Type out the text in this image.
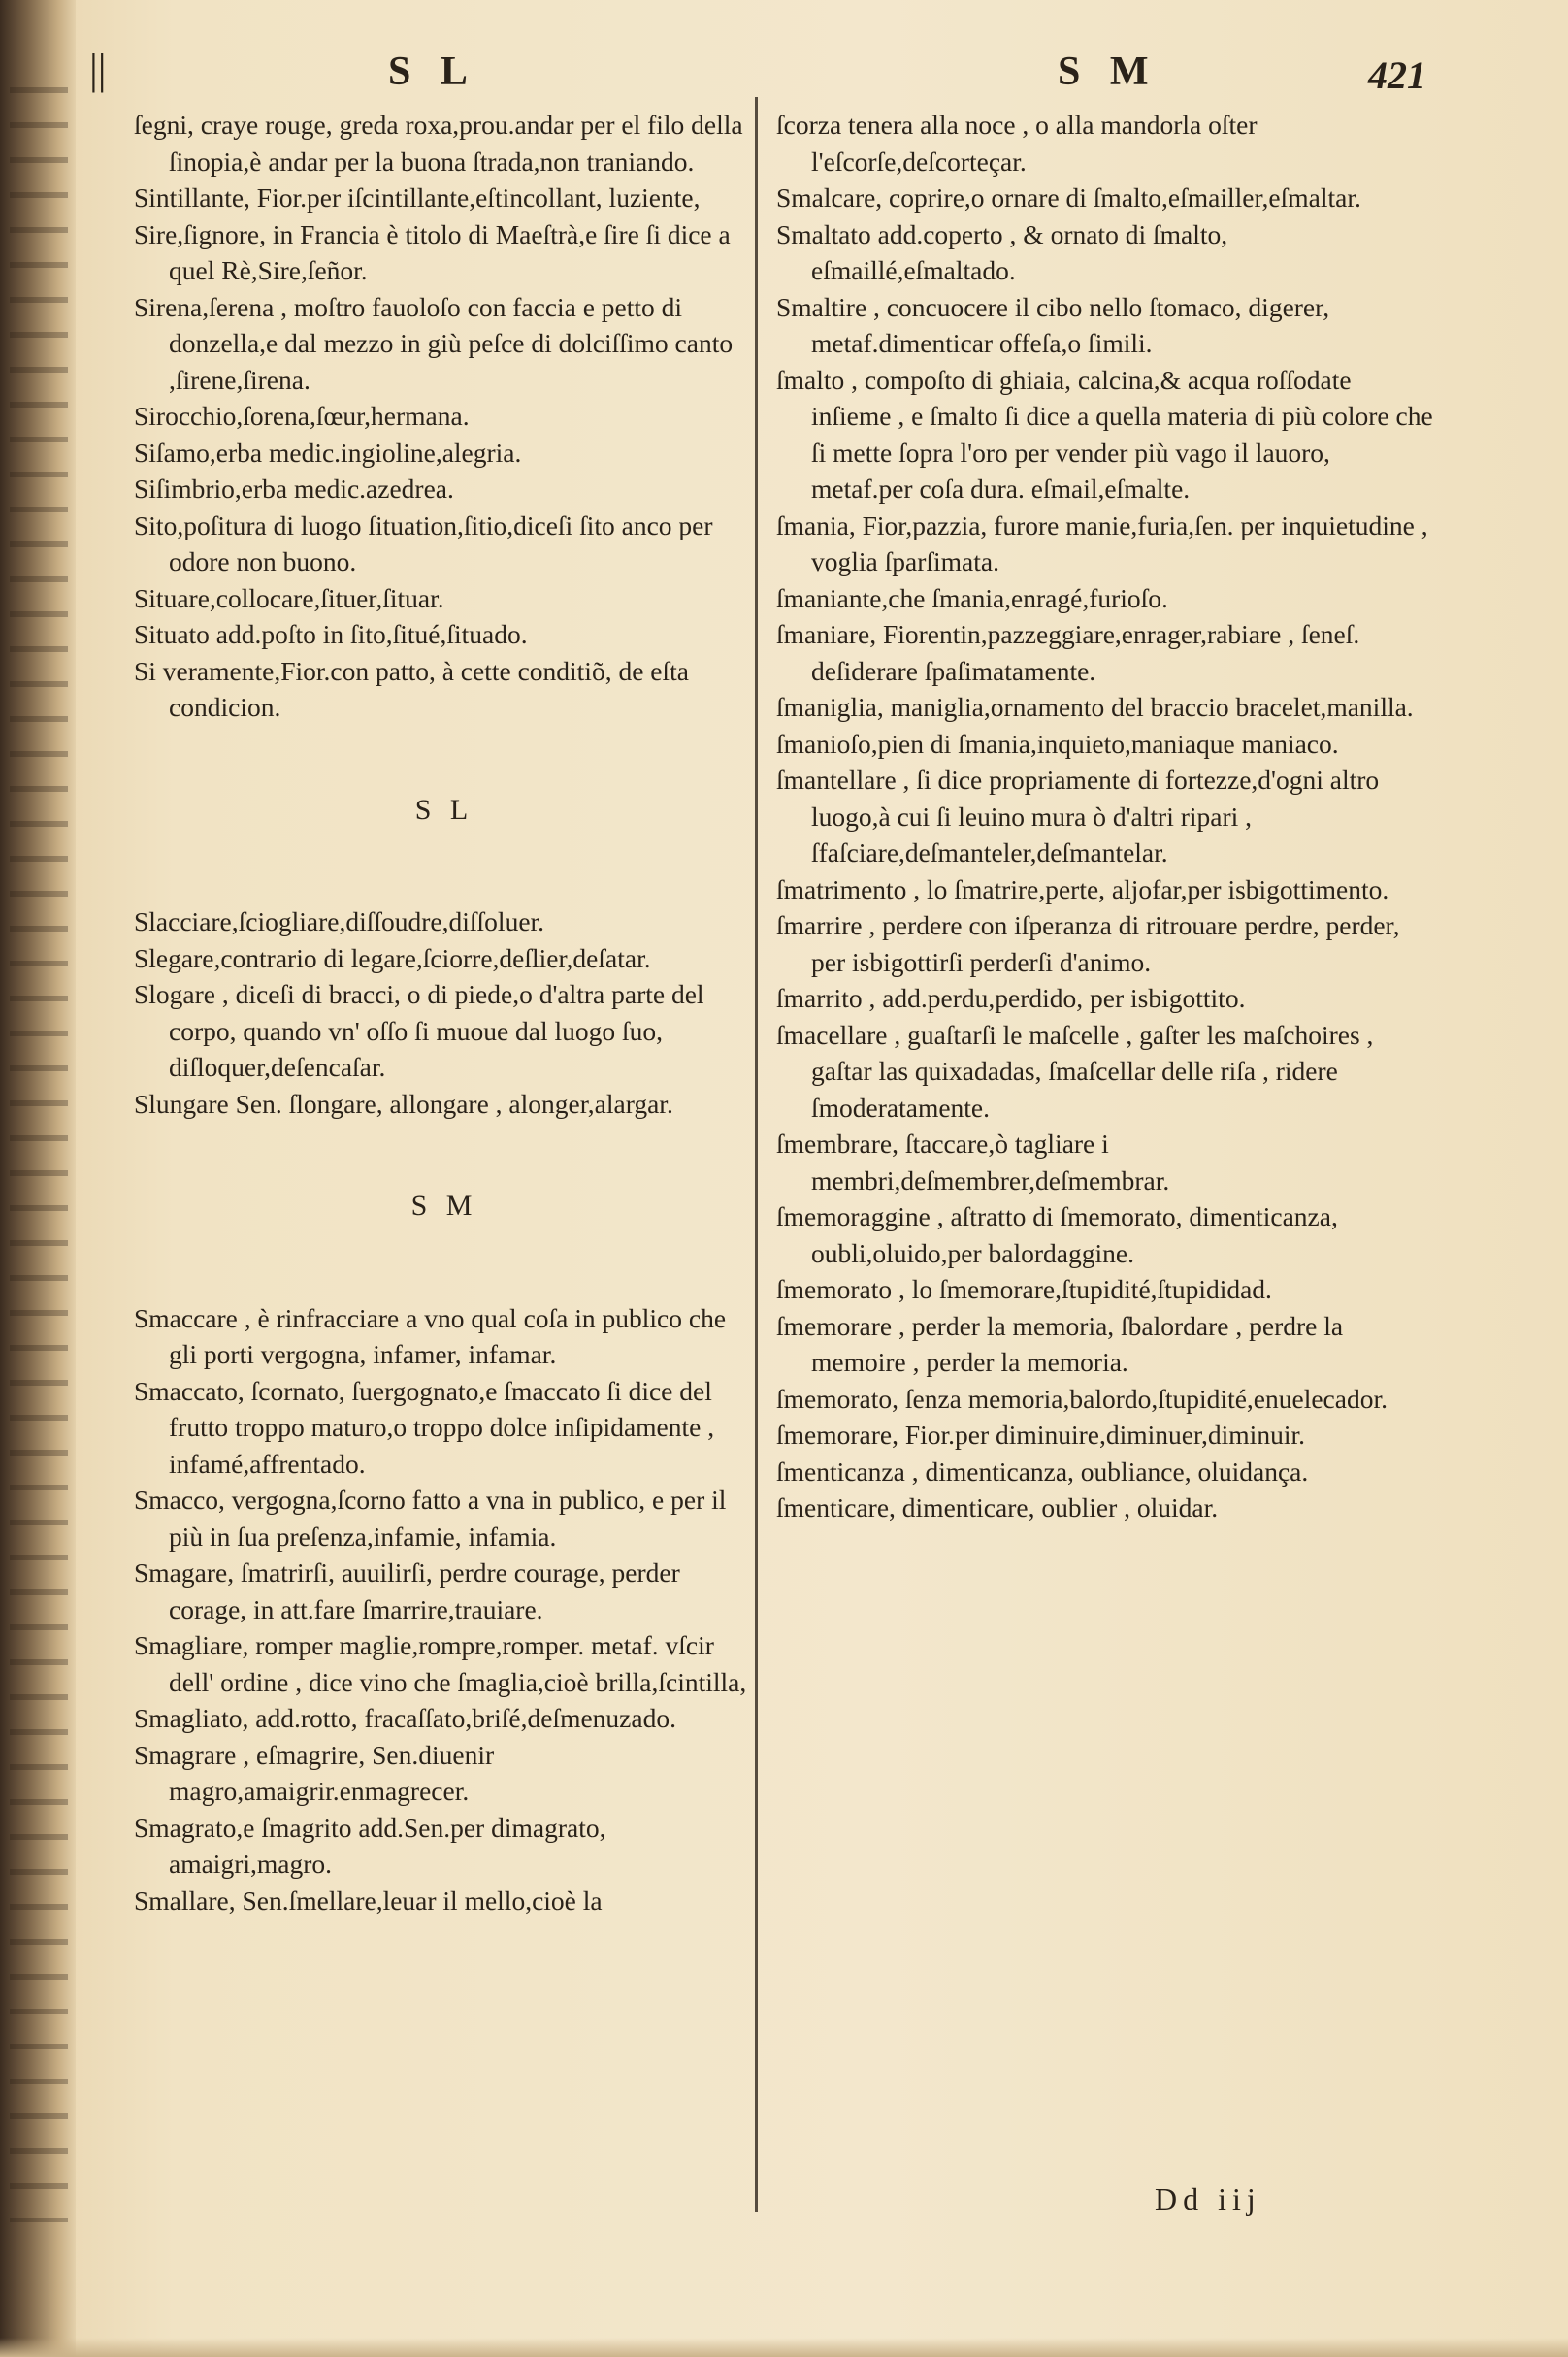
||	S L	S M	421
ſegni, craye rouge, greda roxa,prou.andar per el filo della ſinopia,è andar per la buona ſtrada,non traniando.
Sintillante, Fior.per iſcintillante,eſtincollant, luziente,
Sire,ſignore, in Francia è titolo di Maeſtrà,e ſire ſi dice a quel Rè,Sire,ſeñor.
Sirena,ſerena , moſtro fauoloſo con faccia e petto di donzella,e dal mezzo in giù peſce di dolciſſimo canto ,ſirene,ſirena.
Sirocchio,ſorena,ſœur,hermana.
Siſamo,erba medic.ingioline,alegria.
Siſimbrio,erba medic.azedrea.
Sito,poſitura di luogo ſituation,ſitio,diceſi ſito anco per odore non buono.
Situare,collocare,ſituer,ſituar.
Situato add.poſto in ſito,ſitué,ſituado.
Si veramente,Fior.con patto, à cette conditiõ, de eſta condicion.
S L
Slacciare,ſciogliare,diſſoudre,diſſoluer.
Slegare,contrario di legare,ſciorre,deſlier,deſatar.
Slogare , diceſi di bracci, o di piede,o d'altra parte del corpo, quando vn' oſſo ſi muoue dal luogo ſuo, diſloquer,deſencaſar.
Slungare Sen. ſlongare, allongare , alonger,alargar.
S M
Smaccare , è rinfracciare a vno qual coſa in publico che gli porti vergogna, infamer, infamar.
Smaccato, ſcornato, ſuergognato,e ſmaccato ſi dice del frutto troppo maturo,o troppo dolce inſipidamente , infamé,affrentado.
Smacco, vergogna,ſcorno fatto a vna in publico, e per il più in ſua preſenza,infamie, infamia.
Smagare, ſmatrirſi, auuilirſi, perdre courage, perder corage, in att.fare ſmarrire,trauiare.
Smagliare, romper maglie,rompre,romper. metaf. vſcir dell' ordine , dice vino che ſmaglia,cioè brilla,ſcintilla,
Smagliato, add.rotto, fracaſſato,briſé,deſmenuzado.
Smagrare , eſmagrire, Sen.diuenir magro,amaigrir.enmagrecer.
Smagrato,e ſmagrito add.Sen.per dimagrato, amaigri,magro.
Smallare, Sen.ſmellare,leuar il mello,cioè la
ſcorza tenera alla noce , o alla mandorla oſter l'eſcorſe,deſcorteçar.
Smalcare, coprire,o ornare di ſmalto,eſmailler,eſmaltar.
Smaltato add.coperto , & ornato di ſmalto, eſmaillé,eſmaltado.
Smaltire , concuocere il cibo nello ſtomaco, digerer, metaf.dimenticar offeſa,o ſimili.
ſmalto , compoſto di ghiaia, calcina,& acqua roſſodate inſieme , e ſmalto ſi dice a quella materia di più colore che ſi mette ſopra l'oro per vender più vago il lauoro, metaf.per coſa dura. eſmail,eſmalte.
ſmania, Fior,pazzia, furore manie,furia,ſen. per inquietudine , voglia ſparſimata.
ſmaniante,che ſmania,enragé,furioſo.
ſmaniare, Fiorentin,pazzeggiare,enrager,rabiare , ſeneſ. deſiderare ſpaſimatamente.
ſmaniglia, maniglia,ornamento del braccio bracelet,manilla.
ſmanioſo,pien di ſmania,inquieto,maniaque maniaco.
ſmantellare , ſi dice propriamente di fortezze,d'ogni altro luogo,à cui ſi leuino mura ò d'altri ripari , ſfaſciare,deſmanteler,deſmantelar.
ſmatrimento , lo ſmatrire,perte, aljofar,per isbigottimento.
ſmarrire , perdere con iſperanza di ritrouare perdre, perder, per isbigottirſi perderſi d'animo.
ſmarrito , add.perdu,perdido, per isbigottito.
ſmacellare , guaſtarſi le maſcelle , gaſter les maſchoires , gaſtar las quixadadas, ſmaſcellar delle riſa , ridere ſmoderatamente.
ſmembrare, ſtaccare,ò tagliare i membri,deſmembrer,deſmembrar.
ſmemoraggine , aſtratto di ſmemorato, dimenticanza, oubli,oluido,per balordaggine.
ſmemorato , lo ſmemorare,ſtupidité,ſtupididad.
ſmemorare , perder la memoria, ſbalordare , perdre la memoire , perder la memoria.
ſmemorato, ſenza memoria,balordo,ſtupidité,enuelecador.
ſmemorare, Fior.per diminuire,diminuer,diminuir.
ſmenticanza , dimenticanza, oubliance, oluidança.
ſmenticare, dimenticare, oublier , oluidar.
Dd iij
